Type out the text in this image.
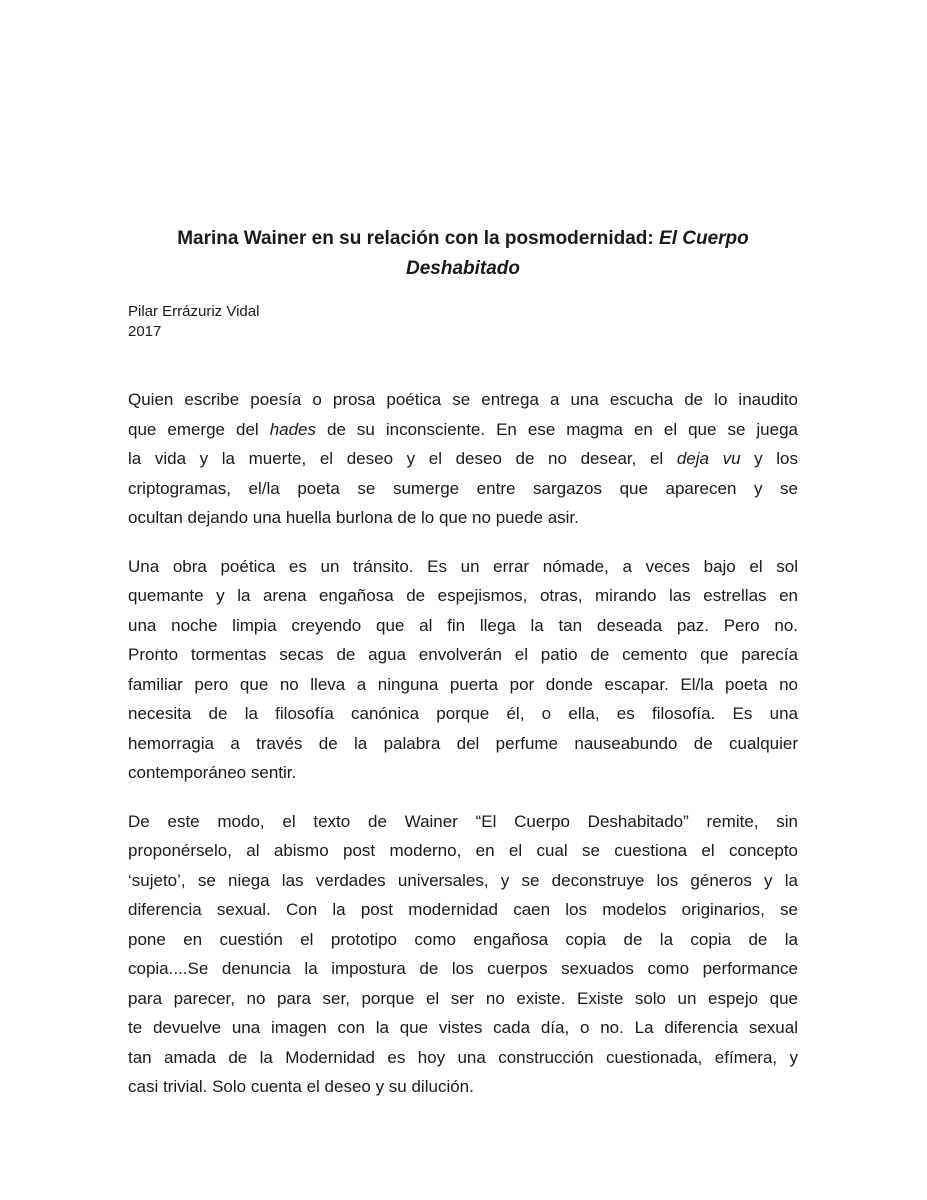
Marina Wainer en su relación con la posmodernidad: El Cuerpo
Deshabitado
Pilar Errázuriz Vidal
2017
Quien escribe poesía o prosa poética se entrega a una escucha de lo inaudito
que emerge del hades de su inconsciente. En ese magma en el que se juega
la vida y la muerte, el deseo y el deseo de no desear, el deja vu y los
criptogramas, el/la poeta se sumerge entre sargazos que aparecen y se
ocultan dejando una huella burlona de lo que no puede asir.
Una obra poética es un tránsito. Es un errar nómade, a veces bajo el sol
quemante y la arena engañosa de espejismos, otras, mirando las estrellas en
una noche limpia creyendo que al fin llega la tan deseada paz. Pero no.
Pronto tormentas secas de agua envolverán el patio de cemento que parecía
familiar pero que no lleva a ninguna puerta por donde escapar. El/la poeta no
necesita de la filosofía canónica porque él, o ella, es filosofía. Es una
hemorragia a través de la palabra del perfume nauseabundo de cualquier
contemporáneo sentir.
De este modo, el texto de Wainer “El Cuerpo Deshabitado” remite, sin
proponérselo, al abismo post moderno, en el cual se cuestiona el concepto
‘sujeto’, se niega las verdades universales, y se deconstruye los géneros y la
diferencia sexual. Con la post modernidad caen los modelos originarios, se
pone en cuestión el prototipo como engañosa copia de la copia de la
copia....Se denuncia la impostura de los cuerpos sexuados como performance
para parecer, no para ser, porque el ser no existe. Existe solo un espejo que
te devuelve una imagen con la que vistes cada día, o no. La diferencia sexual
tan amada de la Modernidad es hoy una construcción cuestionada, efímera, y
casi trivial. Solo cuenta el deseo y su dilución.
